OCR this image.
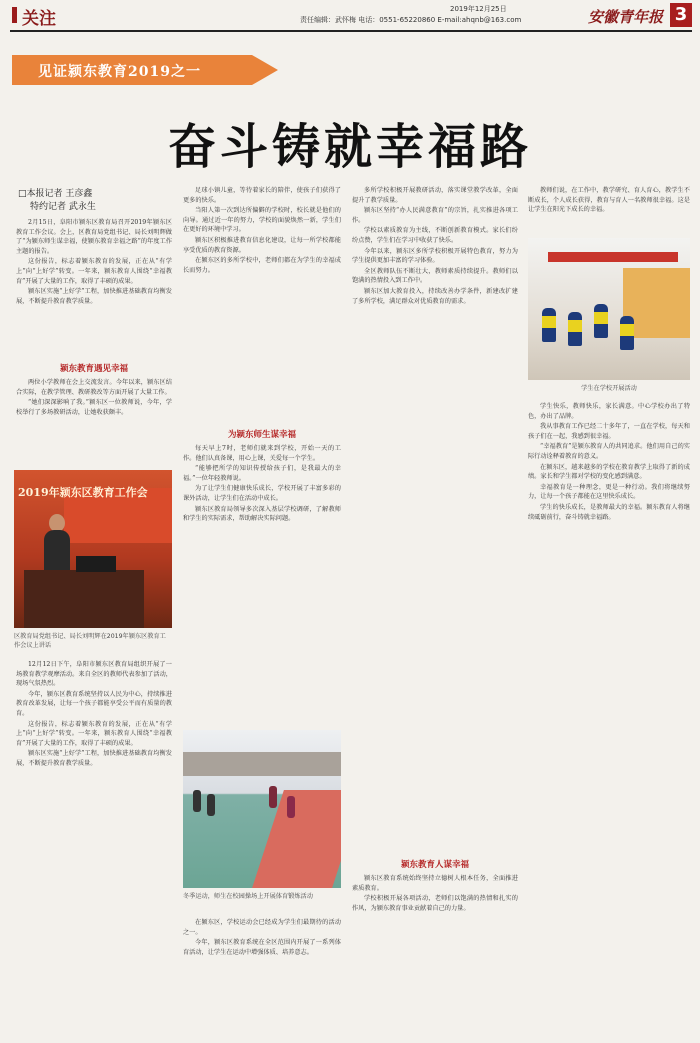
关注	2019年12月25日
责任编辑：武怀梅 电话：0551-65220860 E-mail:ahqnb@163.com	安徽青年报 3
见证颍东教育2019之一
奋斗铸就幸福路
□本报记者 王彦鑫
特约记者 武永生

2月15日，阜阳市颍东区教育局召开2019年颍东区教育工作会议。会上，区教育局党组书记、局长刘明辉做了“为颍东师生谋幸福，使颍东教育幸福之路”的年度工作主题的报告。

这份报告，标志着颍东教育的发展，正在从“有学上”向“上好学”转变。一年来，颍东教育人围绕“幸福教育”开展了大量的工作，取得了丰硕的成果。

颍东区实施“上好学”工程，加快推进基础教育均衡发展，不断提升教育教学质量。

颍东教育遇见幸福

两位小学教师在会上交流发言。今年以来，颍东区结合实际，在教学管理、教研教改等方面开展了大量工作。

“她们深深影响了我。”颍东区一位教师说，今年，学校举行了多场教研活动，让她收获颇丰。

2019年颍东区教育工作会
区教育局党组书记、局长刘明辉在2019年颍东区教育工作会议上讲话

12月12日下午，阜阳市颍东区教育局组织开展了一场教育教学观摩活动。来自全区的教师代表参加了活动，现场气氛热烈。

今年，颍东区教育系统坚持以人民为中心，持续推进教育改革发展，让每一个孩子都能享受公平而有质量的教育。

这份报告，标志着颍东教育的发展，正在从“有学上”向“上好学”转变。一年来，颍东教育人围绕“幸福教育”开展了大量的工作，取得了丰硕的成果。

颍东区实施“上好学”工程，加快推进基础教育均衡发展，不断提升教育教学质量。

足球小镇儿童，等待着家长的陪伴，使孩子们获得了更多的快乐。

当阳人第一次到达所偏僻的学校时，校长就是他们的向导。通过近一年的努力，学校的面貌焕然一新，学生们在更好的环境中学习。

颍东区积极推进教育信息化建设，让每一所学校都能享受优质的教育资源。

在颍东区的多所学校中，老师们都在为学生的幸福成长而努力。

为颍东师生谋幸福

每天早上7时，老师们就来到学校，开始一天的工作。他们认真备课，用心上课，关爱每一个学生。

“能够把所学的知识传授给孩子们，是我最大的幸福。”一位年轻教师说。

为了让学生们健康快乐成长，学校开展了丰富多彩的课外活动，让学生们在活动中成长。

颍东区教育局领导多次深入基层学校调研，了解教师和学生的实际需求，帮助解决实际问题。

冬季运动，师生在校园操场上开展体育锻炼活动

在颍东区，学校运动会已经成为学生们最期待的活动之一。

今年，颍东区教育系统在全区范围内开展了一系列体育活动，让学生在运动中增强体质、培养意志。

多所学校积极开展教研活动，落实课堂教学改革，全面提升了教学质量。

颍东区坚持“办人民满意教育”的宗旨，扎实推进各项工作。

学校以素质教育为主线，不断创新教育模式。家长们纷纷点赞，学生们在学习中收获了快乐。

今年以来，颍东区多所学校积极开展特色教育，努力为学生提供更加丰富的学习体验。

全区教师队伍不断壮大，教师素质持续提升。教师们以饱满的热情投入到工作中。

颍东区加大教育投入，持续改善办学条件，新建改扩建了多所学校，满足群众对优质教育的需求。

颍东教育人谋幸福

颍东区教育系统始终坚持立德树人根本任务，全面推进素质教育。

学校积极开展各项活动，老师们以饱满的热情和扎实的作风，为颍东教育事业贡献着自己的力量。

教师们说，在工作中，教学研究、育人育心，教学生不断成长，个人成长获得，教育与育人一名教师很幸福。这是让学生在阳光下成长的幸福。

学生在学校开展活动

学生快乐，教师快乐，家长满意。中心学校办出了特色，办出了品牌。

我从事教育工作已经二十多年了，一直在学校，每天和孩子们在一起，我感到很幸福。

“幸福教育”是颍东教育人的共同追求。他们用自己的实际行动诠释着教育的意义。

在颍东区，越来越多的学校在教育教学上取得了新的成绩。家长和学生都对学校的变化感到满意。

幸福教育是一种理念，更是一种行动。我们将继续努力，让每一个孩子都能在这里快乐成长。

学生的快乐成长，是教师最大的幸福。颍东教育人将继续砥砺前行，奋斗铸就幸福路。
